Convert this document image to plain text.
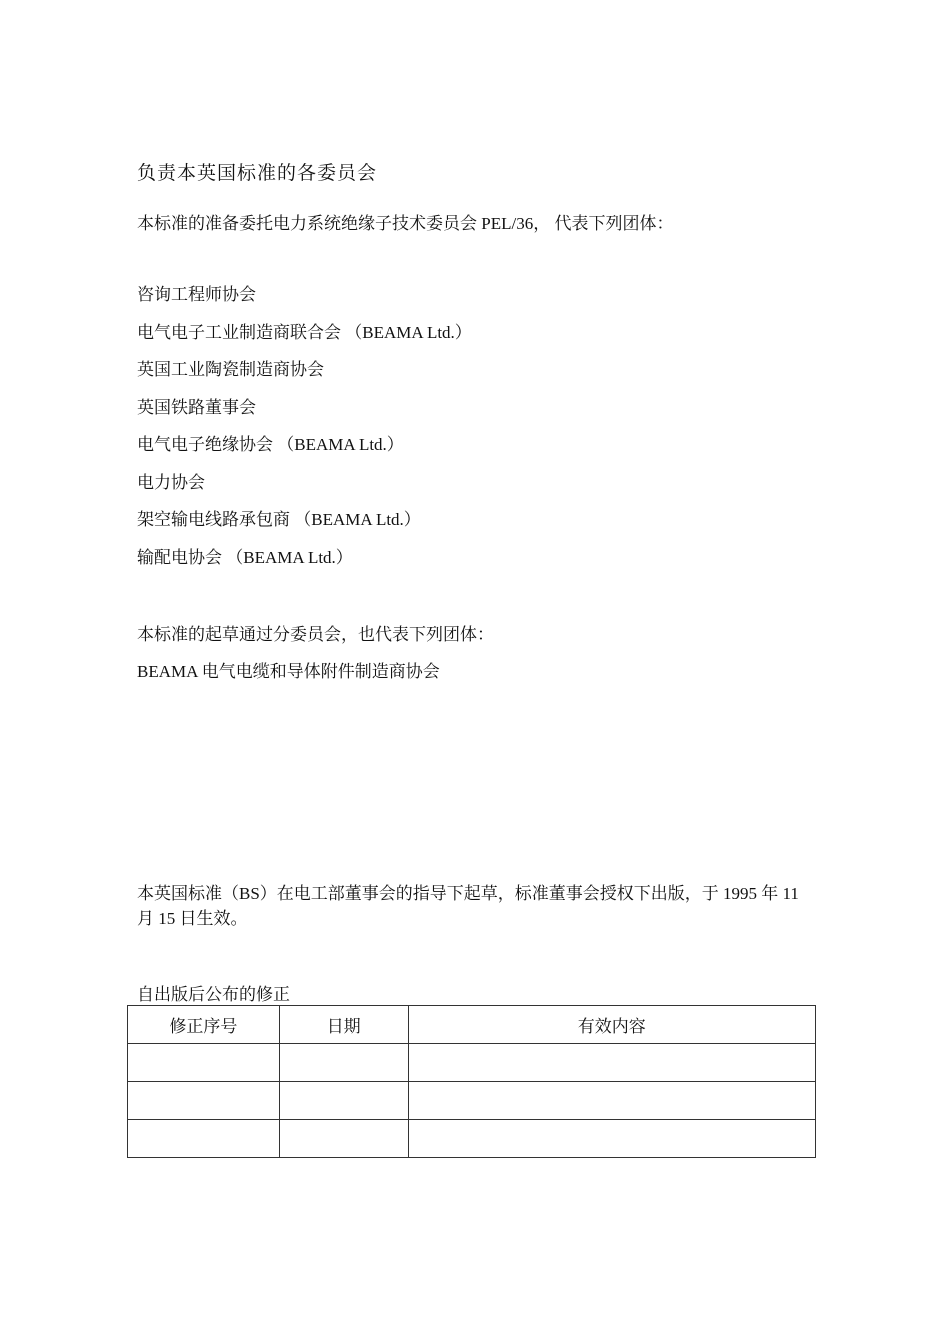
负责本英国标准的各委员会

本标准的准备委托电力系统绝缘子技术委员会 PEL/36， 代表下列团体：

咨询工程师协会
电气电子工业制造商联合会 （BEAMA Ltd.）
英国工业陶瓷制造商协会
英国铁路董事会
电气电子绝缘协会 （BEAMA Ltd.）
电力协会
架空输电线路承包商 （BEAMA Ltd.）
输配电协会 （BEAMA Ltd.）

本标准的起草通过分委员会，也代表下列团体：

BEAMA 电气电缆和导体附件制造商协会

本英国标准（BS）在电工部董事会的指导下起草，标准董事会授权下出版，于 1995 年 11 月 15 日生效。

自出版后公布的修正

修正序号	日期	有效内容
